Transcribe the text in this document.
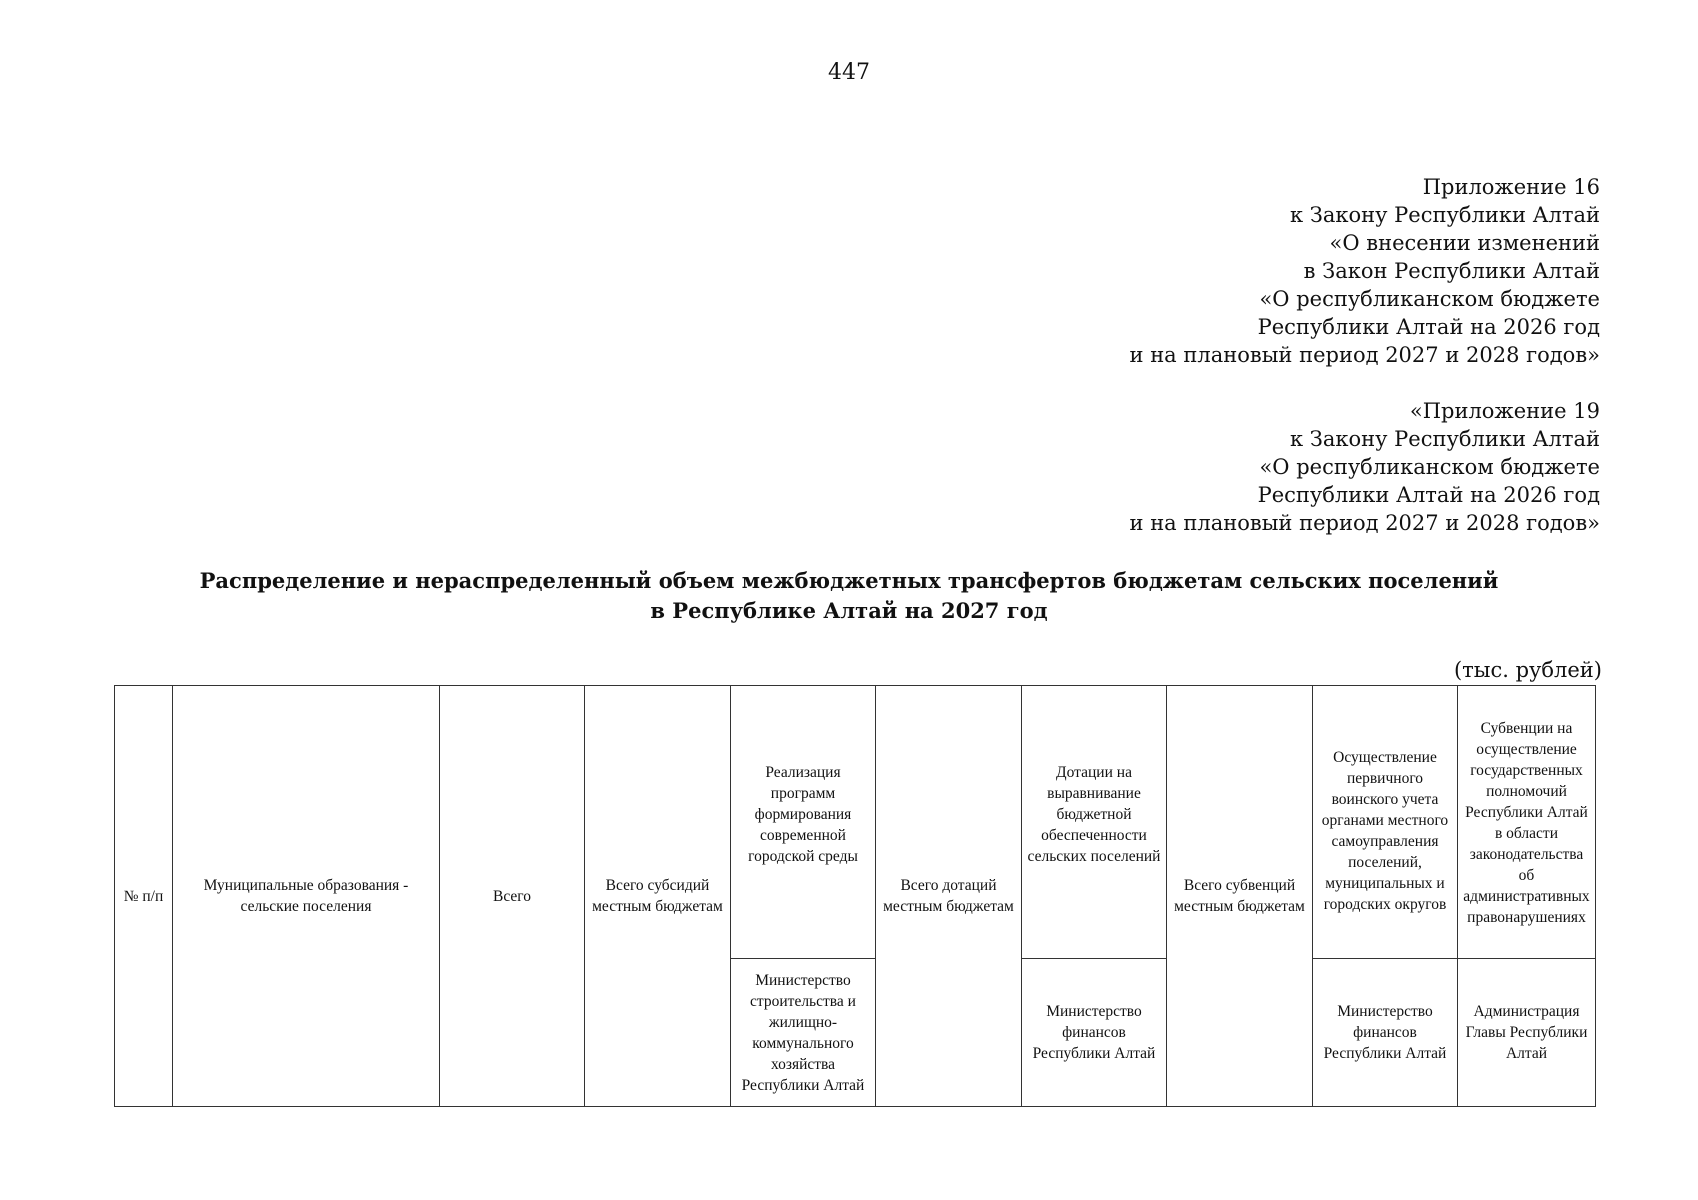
447
Приложение 16
к Закону Республики Алтай
«О внесении изменений
в Закон Республики Алтай
«О республиканском бюджете
Республики Алтай на 2026 год
и на плановый период 2027 и 2028 годов»
«Приложение 19
к Закону Республики Алтай
«О республиканском бюджете
Республики Алтай на 2026 год
и на плановый период 2027 и 2028 годов»
Распределение и нераспределенный объем межбюджетных трансфертов бюджетам сельских поселений
в Республике Алтай на 2027 год
(тыс. рублей)
№ п/п	Муниципальные образования - сельские поселения	Всего	Всего субсидий местным бюджетам	Реализация программ формирования современной городской среды	Всего дотаций местным бюджетам	Дотации на выравнивание бюджетной обеспеченности сельских поселений	Всего субвенций местным бюджетам	Осуществление первичного воинского учета органами местного самоуправления поселений, муниципальных и городских округов	Субвенции на осуществление государственных полномочий Республики Алтай в области законодательства об административных правонарушениях
				Министерство строительства и жилищно-коммунального хозяйства Республики Алтай		Министерство финансов Республики Алтай		Министерство финансов Республики Алтай	Администрация Главы Республики Алтай
